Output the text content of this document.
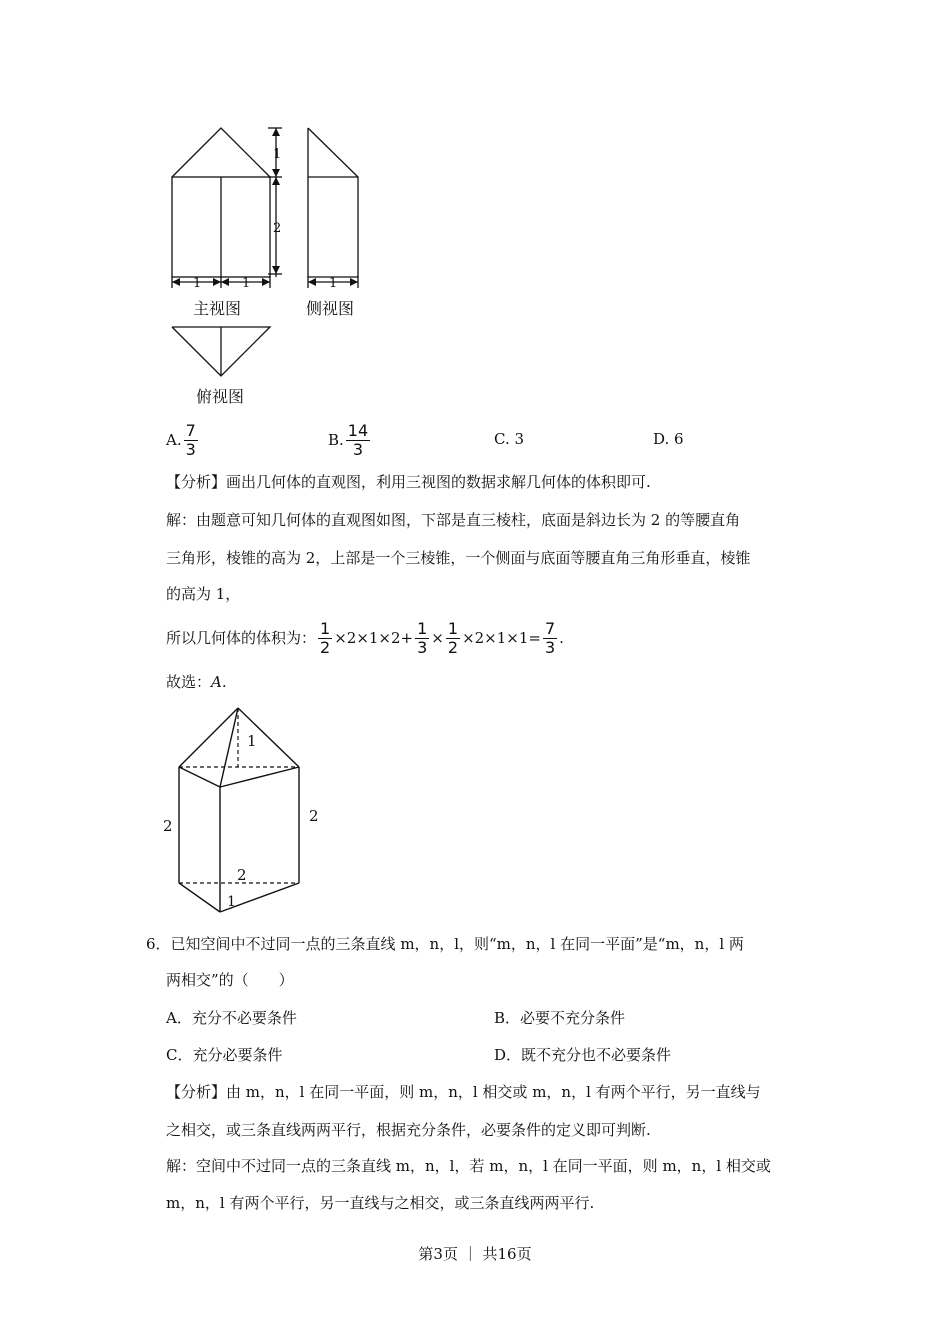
1
2
1	1	1
主视图	侧视图
俯视图
A. $\frac{7}{3}$	B. $\frac{14}{3}$	C. 3	D. 6
【分析】画出几何体的直观图，利用三视图的数据求解几何体的体积即可.
解：由题意可知几何体的直观图如图，下部是直三棱柱，底面是斜边长为 2 的等腰直角
三角形，棱锥的高为 2，上部是一个三棱锥，一个侧面与底面等腰直角三角形垂直，棱锥
的高为 1，
所以几何体的体积为： $\frac{1}{2} \times 2\times 1\times 2+ \frac{1}{3} \times \frac{1}{2} \times 2\times 1\times 1= \frac{7}{3}$ .
故选：A.
1
2
2
2
1
6．已知空间中不过同一点的三条直线 m，n，l，则“m，n，l 在同一平面”是“m，n，l 两
两相交”的（　　）
A．充分不必要条件	B．必要不充分条件
C．充分必要条件	D．既不充分也不必要条件
【分析】由 m，n，l 在同一平面，则 m，n，l 相交或 m，n，l 有两个平行，另一直线与
之相交，或三条直线两两平行，根据充分条件，必要条件的定义即可判断.
解：空间中不过同一点的三条直线 m，n，l，若 m，n，l 在同一平面，则 m，n，l 相交或
m，n，l 有两个平行，另一直线与之相交，或三条直线两两平行.
第3页 ｜ 共16页
